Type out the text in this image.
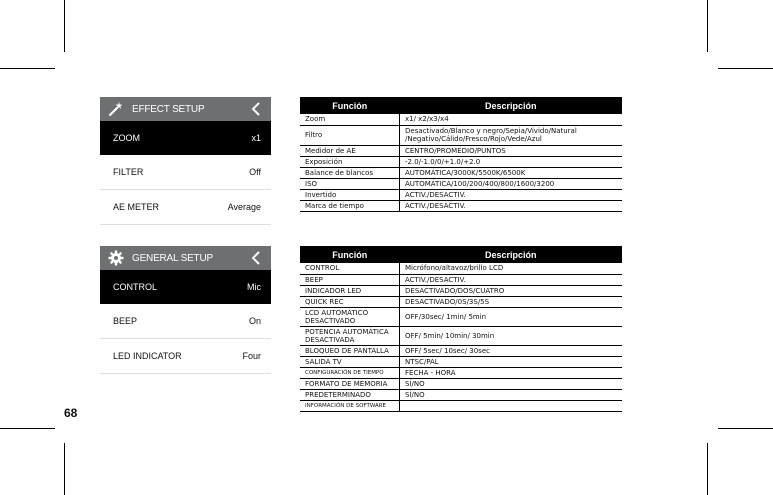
68
EFFECT SETUP
ZOOM	x1
FILTER	Off
AE METER	Average
GENERAL SETUP
CONTROL	Mic
BEEP	On
LED INDICATOR	Four
Función	Descripción
Zoom	x1/ x2/x3/x4
Filtro	Desactivado/Blanco y negro/Sepia/Vivido/Natural /Negativo/Cálido/Fresco/Rojo/Vede/Azul
Medidor de AE	CENTRO/PROMEDIO/PUNTOS
Exposición	-2.0/-1.0/0/+1.0/+2.0
Balance de blancos	AUTOMÁTICA/3000K/5500K/6500K
ISO	AUTOMÁTICA/100/200/400/800/1600/3200
Invertido	ACTIV./DESACTIV.
Marca de tiempo	ACTIV./DESACTIV.
Función	Descripción
CONTROL	Micrófono/altavoz/brillo LCD
BEEP	ACTIV./DESACTIV.
INDICADOR LED	DESACTIVADO/DOS/CUATRO
QUICK REC	DESACTIVADO/0S/3S/5S
LCD AUTOMÁTICO DESACTIVADO	OFF/30sec/ 1min/ 5min
POTENCIA AUTOMÁTICA DESACTIVADA	OFF/ 5min/ 10min/ 30min
BLOQUEO DE PANTALLA	OFF/ 5sec/ 10sec/ 30sec
SALIDA TV	NTSC/PAL
CONFIGURACIÓN DE TIEMPO	FECHA - HORA
FORMATO DE MEMORIA	SÍ/NO
PREDETERMINADO	SÍ/NO
INFORMACIÓN DE SOFTWARE	
